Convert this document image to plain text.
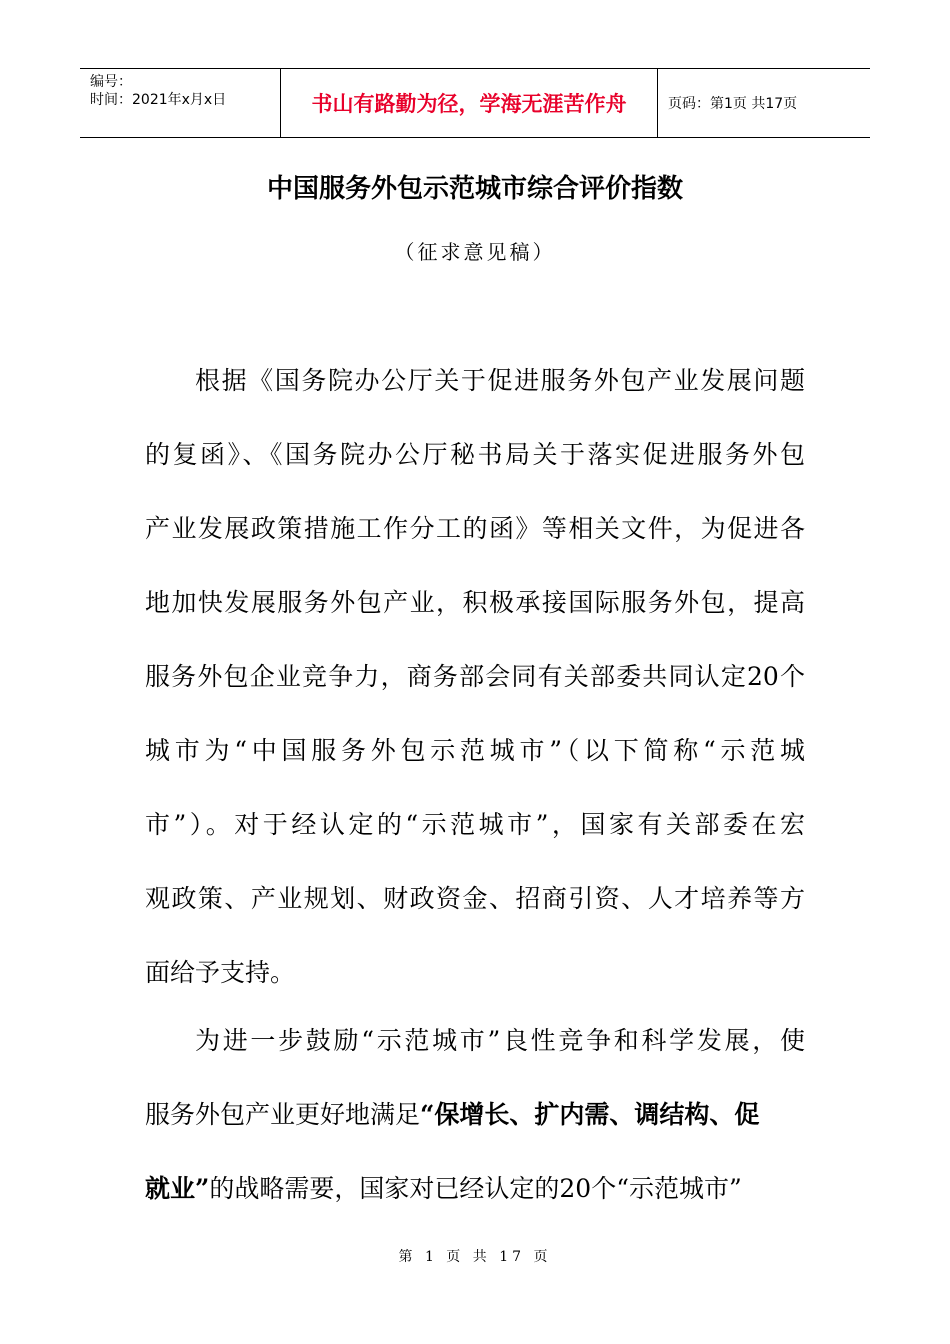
编号：
时间：2021年x月x日	书山有路勤为径，学海无涯苦作舟	页码：第1页 共17页
中国服务外包示范城市综合评价指数
（征求意见稿）
根据《国务院办公厅关于促进服务外包产业发展问题
的复函》、《国务院办公厅秘书局关于落实促进服务外包
产业发展政策措施工作分工的函》等相关文件，为促进各
地加快发展服务外包产业，积极承接国际服务外包，提高
服务外包企业竞争力，商务部会同有关部委共同认定20个
城市为“中国服务外包示范城市”（以下简称“示范城
市”）。对于经认定的“示范城市”，国家有关部委在宏
观政策、产业规划、财政资金、招商引资、人才培养等方
面给予支持。
为进一步鼓励“示范城市”良性竞争和科学发展，使
服务外包产业更好地满足“保增长、扩内需、调结构、促
就业”的战略需要，国家对已经认定的20个“示范城市”
第 1 页 共 17 页
